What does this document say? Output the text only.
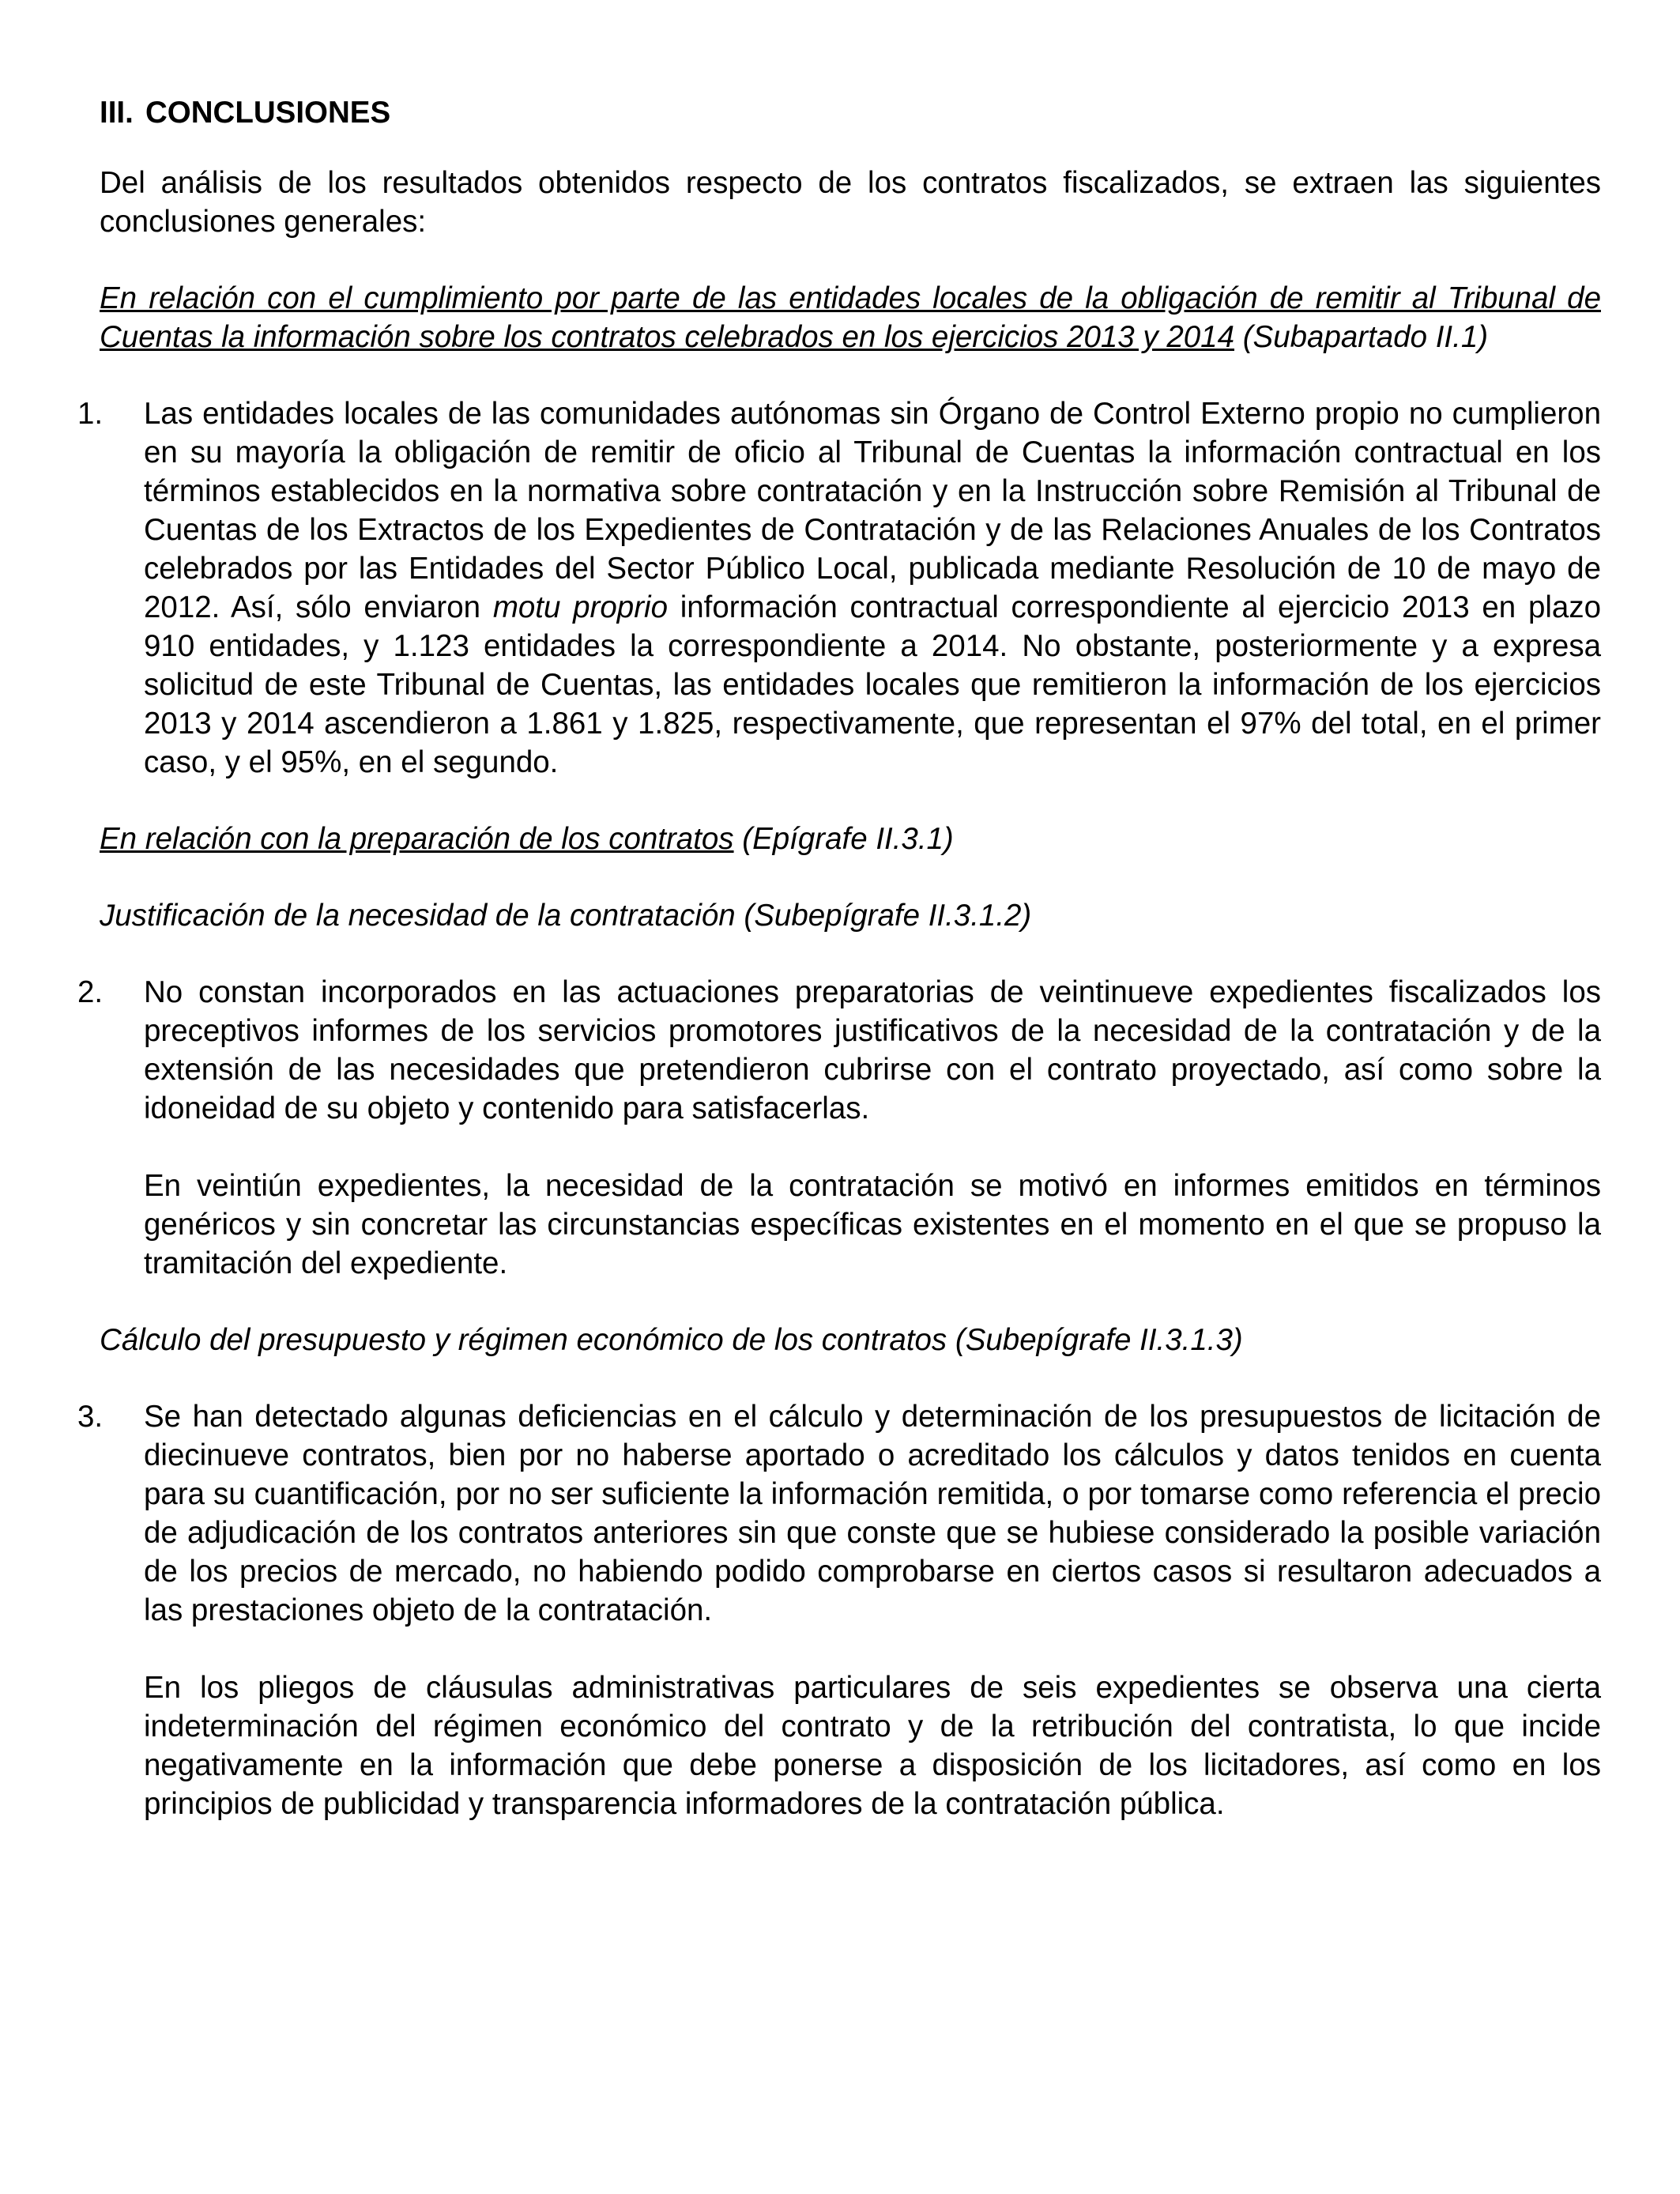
III. CONCLUSIONES

Del análisis de los resultados obtenidos respecto de los contratos fiscalizados, se extraen las siguientes conclusiones generales:

En relación con el cumplimiento por parte de las entidades locales de la obligación de remitir al Tribunal de Cuentas la información sobre los contratos celebrados en los ejercicios 2013 y 2014 (Subapartado II.1)

1.	Las entidades locales de las comunidades autónomas sin Órgano de Control Externo propio no cumplieron en su mayoría la obligación de remitir de oficio al Tribunal de Cuentas la información contractual en los términos establecidos en la normativa sobre contratación y en la Instrucción sobre Remisión al Tribunal de Cuentas de los Extractos de los Expedientes de Contratación y de las Relaciones Anuales de los Contratos celebrados por las Entidades del Sector Público Local, publicada mediante Resolución de 10 de mayo de 2012. Así, sólo enviaron motu proprio información contractual correspondiente al ejercicio 2013 en plazo 910 entidades, y 1.123 entidades la correspondiente a 2014. No obstante, posteriormente y a expresa solicitud de este Tribunal de Cuentas, las entidades locales que remitieron la información de los ejercicios 2013 y 2014 ascendieron a 1.861 y 1.825, respectivamente, que representan el 97% del total, en el primer caso, y el 95%, en el segundo.

En relación con la preparación de los contratos (Epígrafe II.3.1)

Justificación de la necesidad de la contratación (Subepígrafe II.3.1.2)

2.	No constan incorporados en las actuaciones preparatorias de veintinueve expedientes fiscalizados los preceptivos informes de los servicios promotores justificativos de la necesidad de la contratación y de la extensión de las necesidades que pretendieron cubrirse con el contrato proyectado, así como sobre la idoneidad de su objeto y contenido para satisfacerlas.

En veintiún expedientes, la necesidad de la contratación se motivó en informes emitidos en términos genéricos y sin concretar las circunstancias específicas existentes en el momento en el que se propuso la tramitación del expediente.

Cálculo del presupuesto y régimen económico de los contratos (Subepígrafe II.3.1.3)

3.	Se han detectado algunas deficiencias en el cálculo y determinación de los presupuestos de licitación de diecinueve contratos, bien por no haberse aportado o acreditado los cálculos y datos tenidos en cuenta para su cuantificación, por no ser suficiente la información remitida, o por tomarse como referencia el precio de adjudicación de los contratos anteriores sin que conste que se hubiese considerado la posible variación de los precios de mercado, no habiendo podido comprobarse en ciertos casos si resultaron adecuados a las prestaciones objeto de la contratación.

En los pliegos de cláusulas administrativas particulares de seis expedientes se observa una cierta indeterminación del régimen económico del contrato y de la retribución del contratista, lo que incide negativamente en la información que debe ponerse a disposición de los licitadores, así como en los principios de publicidad y transparencia informadores de la contratación pública.
